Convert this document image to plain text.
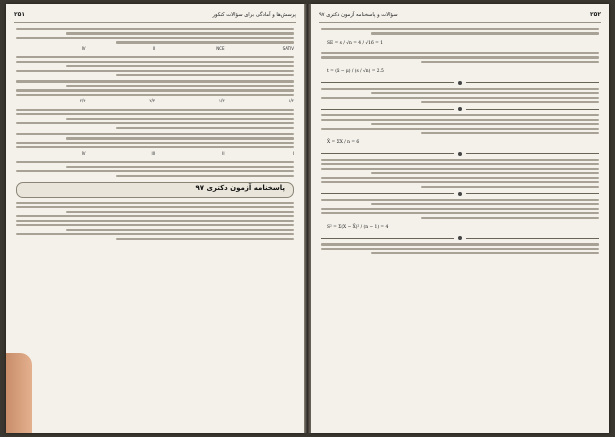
۲۵۱	پرسش‌ها و آمادگی برای سؤالات کنکور
SATIV
NCE
II
IV
۱/۲
۱/۳
۲/۳
۲/۴
I
II
III
IV
پاسخنامه آزمون دکتری ۹۷
۲۵۲
سؤالات و پاسخنامه آزمون دکتری ۹۷
SE = s / √n = 4 / √16 = 1
t = (x̄ − μ) / (s / √n) = 2.5
X̄ = ΣX / n = 6
S² = Σ(X − X̄)² / (n − 1) = 4
